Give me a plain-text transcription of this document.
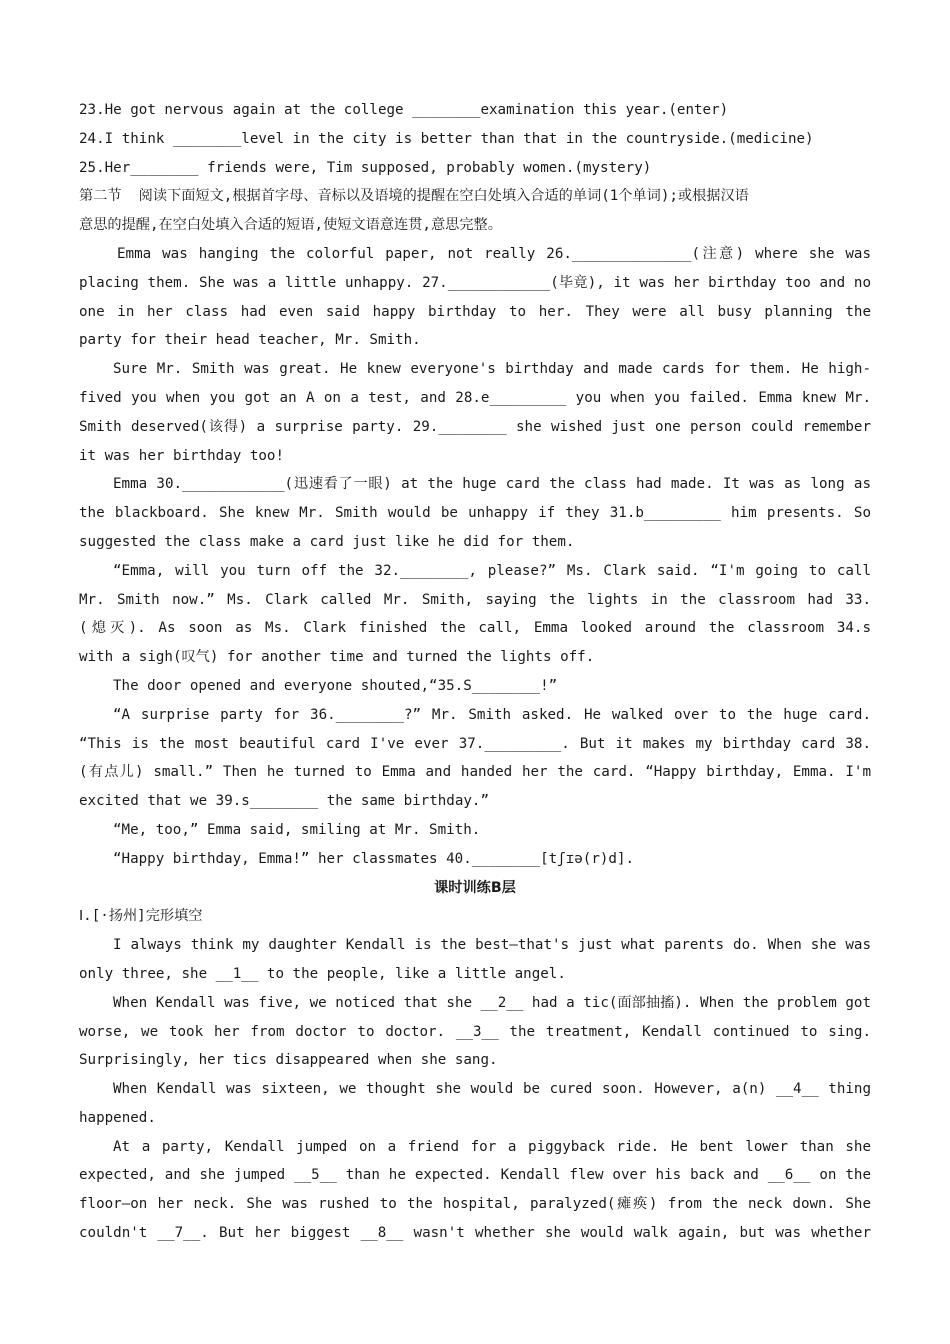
23.He got nervous again at the college ________examination this year.(enter)
24.I think ________level in the city is better than that in the countryside.(medicine)
25.Her________ friends were, Tim supposed, probably women.(mystery)
第二节  阅读下面短文,根据首字母、音标以及语境的提醒在空白处填入合适的单词(1个单词);或根据汉语
意思的提醒,在空白处填入合适的短语,使短文语意连贯,意思完整。
Emma was hanging the colorful paper, not really 26.______________(注意) where she was
placing them. She was a little unhappy. 27.____________(毕竟), it was her birthday too and no
one in her class had even said happy birthday to her. They were all busy planning the
party for their head teacher, Mr. Smith.
Sure Mr. Smith was great. He knew everyone's birthday and made cards for them. He high-
fived you when you got an A on a test, and 28.e_________ you when you failed. Emma knew Mr.
Smith deserved(该得) a surprise party. 29.________ she wished just one person could remember
it was her birthday too!
Emma 30.____________(迅速看了一眼) at the huge card the class had made. It was as long as
the blackboard. She knew Mr. Smith would be unhappy if they 31.b_________ him presents. So
suggested the class make a card just like he did for them.
“Emma, will you turn off the 32.________, please?” Ms. Clark said. “I'm going to call
Mr. Smith now.” Ms. Clark called Mr. Smith, saying the lights in the classroom had 33.
(熄灭). As soon as Ms. Clark finished the call, Emma looked around the classroom 34.s
with a sigh(叹气) for another time and turned the lights off.
The door opened and everyone shouted,“35.S________!”
“A surprise party for 36.________?” Mr. Smith asked. He walked over to the huge card.
“This is the most beautiful card I've ever 37._________. But it makes my birthday card 38.
(有点儿) small.” Then he turned to Emma and handed her the card. “Happy birthday, Emma. I'm
excited that we 39.s________ the same birthday.”
“Me, too,” Emma said, smiling at Mr. Smith.
“Happy birthday, Emma!” her classmates 40.________[tʃɪə(r)d].
课时训练B层
Ⅰ.[·扬州]完形填空
I always think my daughter Kendall is the best—that's just what parents do. When she was
only three, she __1__ to the people, like a little angel.
When Kendall was five, we noticed that she __2__ had a tic(面部抽搐). When the problem got
worse, we took her from doctor to doctor. __3__ the treatment, Kendall continued to sing.
Surprisingly, her tics disappeared when she sang.
When Kendall was sixteen, we thought she would be cured soon. However, a(n) __4__ thing
happened.
At a party, Kendall jumped on a friend for a piggyback ride. He bent lower than she
expected, and she jumped __5__ than he expected. Kendall flew over his back and __6__ on the
floor—on her neck. She was rushed to the hospital, paralyzed(瘫痪) from the neck down. She
couldn't __7__. But her biggest __8__ wasn't whether she would walk again, but was whether
